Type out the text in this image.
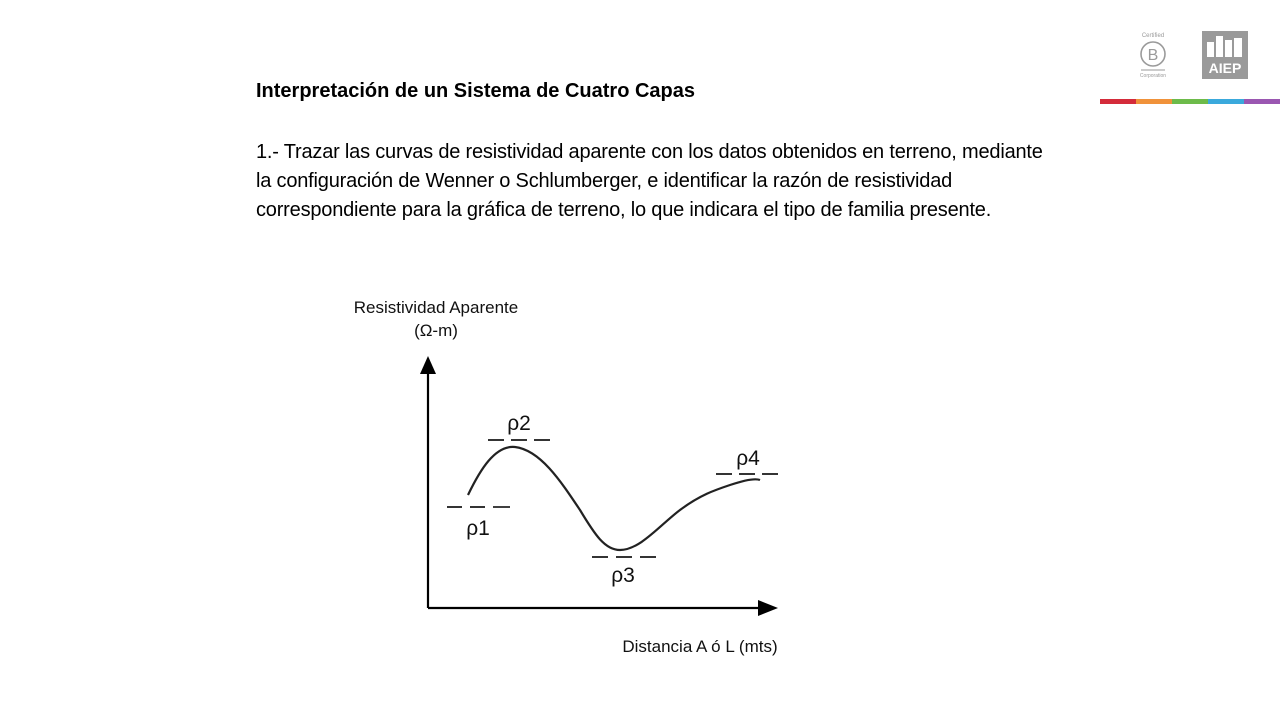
Interpretación de un Sistema de Cuatro Capas
1.- Trazar las curvas de resistividad aparente con los datos obtenidos en terreno, mediante la configuración de Wenner o Schlumberger, e identificar la razón de resistividad correspondiente para la gráfica de terreno, lo que indicara el tipo de familia presente.
Certified
B
Corporation	AIEP
Resistividad Aparente
(Ω-m)
Distancia A ó L (mts)
ρ1
ρ2
ρ3
ρ4
